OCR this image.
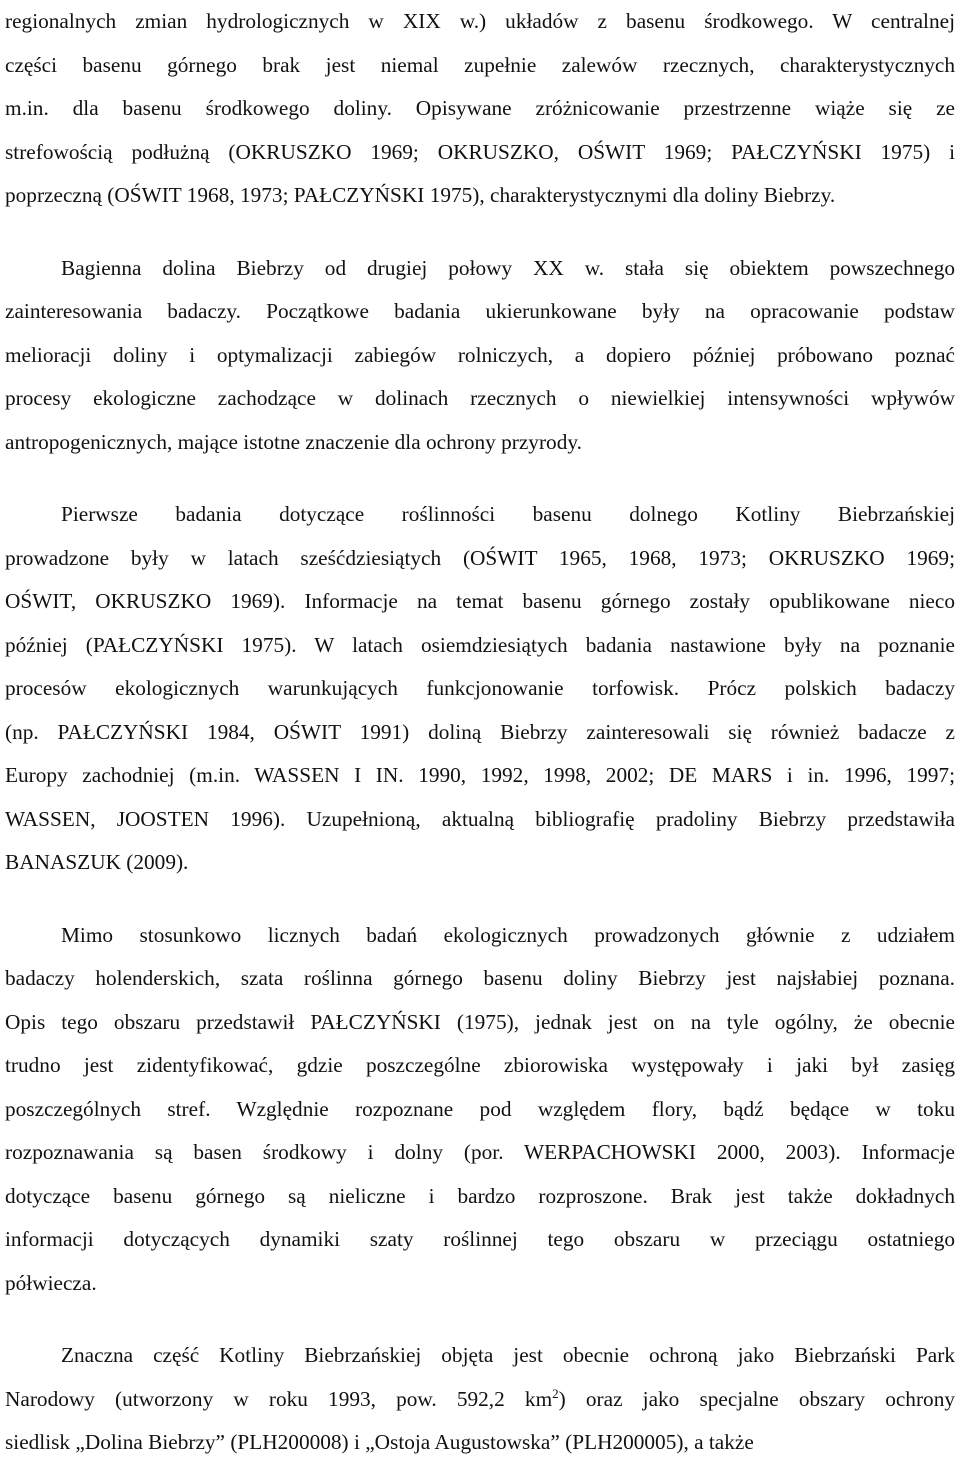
regionalnych zmian hydrologicznych w XIX w.) układów z basenu środkowego. W centralnej
części basenu górnego brak jest niemal zupełnie zalewów rzecznych, charakterystycznych
m.in. dla basenu środkowego doliny. Opisywane zróżnicowanie przestrzenne wiąże się ze
strefowością podłużną (OKRUSZKO 1969; OKRUSZKO, OŚWIT 1969; PAŁCZYŃSKI 1975) i
poprzeczną (OŚWIT 1968, 1973; PAŁCZYŃSKI 1975), charakterystycznymi dla doliny Biebrzy.
Bagienna dolina Biebrzy od drugiej połowy XX w. stała się obiektem powszechnego
zainteresowania badaczy. Początkowe badania ukierunkowane były na opracowanie podstaw
melioracji doliny i optymalizacji zabiegów rolniczych, a dopiero później próbowano poznać
procesy ekologiczne zachodzące w dolinach rzecznych o niewielkiej intensywności wpływów
antropogenicznych, mające istotne znaczenie dla ochrony przyrody.
Pierwsze badania dotyczące roślinności basenu dolnego Kotliny Biebrzańskiej
prowadzone były w latach sześćdziesiątych (OŚWIT 1965, 1968, 1973; OKRUSZKO 1969;
OŚWIT, OKRUSZKO 1969). Informacje na temat basenu górnego zostały opublikowane nieco
później (PAŁCZYŃSKI 1975). W latach osiemdziesiątych badania nastawione były na poznanie
procesów ekologicznych warunkujących funkcjonowanie torfowisk. Prócz polskich badaczy
(np. PAŁCZYŃSKI 1984, OŚWIT 1991) doliną Biebrzy zainteresowali się również badacze z
Europy zachodniej (m.in. WASSEN I IN. 1990, 1992, 1998, 2002; DE MARS i in. 1996, 1997;
WASSEN, JOOSTEN 1996). Uzupełnioną, aktualną bibliografię pradoliny Biebrzy przedstawiła
BANASZUK (2009).
Mimo stosunkowo licznych badań ekologicznych prowadzonych głównie z udziałem
badaczy holenderskich, szata roślinna górnego basenu doliny Biebrzy jest najsłabiej poznana.
Opis tego obszaru przedstawił PAŁCZYŃSKI (1975), jednak jest on na tyle ogólny, że obecnie
trudno jest zidentyfikować, gdzie poszczególne zbiorowiska występowały i jaki był zasięg
poszczególnych stref. Względnie rozpoznane pod względem flory, bądź będące w toku
rozpoznawania są basen środkowy i dolny (por. WERPACHOWSKI 2000, 2003). Informacje
dotyczące basenu górnego są nieliczne i bardzo rozproszone. Brak jest także dokładnych
informacji dotyczących dynamiki szaty roślinnej tego obszaru w przeciągu ostatniego
półwiecza.
Znaczna część Kotliny Biebrzańskiej objęta jest obecnie ochroną jako Biebrzański Park
Narodowy (utworzony w roku 1993, pow. 592,2 $km^2$) oraz jako specjalne obszary ochrony
siedlisk „Dolina Biebrzy” (PLH200008) i „Ostoja Augustowska” (PLH200005), a także
